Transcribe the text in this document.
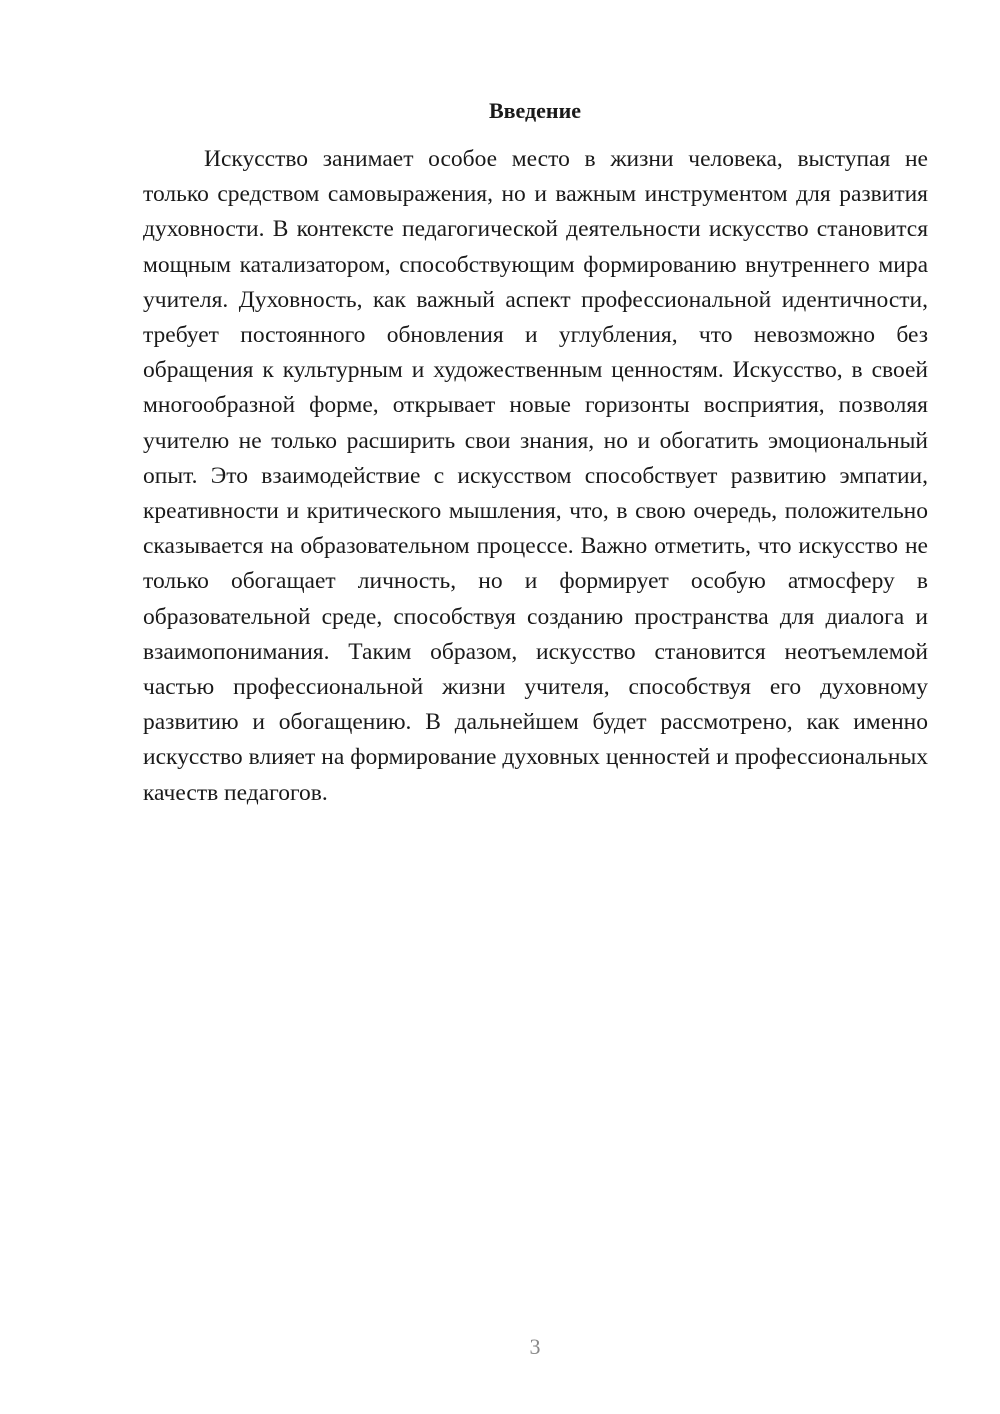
Введение

Искусство занимает особое место в жизни человека, выступая не только средством самовыражения, но и важным инструментом для развития духовности. В контексте педагогической деятельности искусство становится мощным катализатором, способствующим формированию внутреннего мира учителя. Духовность, как важный аспект профессиональной идентичности, требует постоянного обновления и углубления, что невозможно без обращения к культурным и художественным ценностям. Искусство, в своей многообразной форме, открывает новые горизонты восприятия, позволяя учителю не только расширить свои знания, но и обогатить эмоциональный опыт. Это взаимодействие с искусством способствует развитию эмпатии, креативности и критического мышления, что, в свою очередь, положительно сказывается на образовательном процессе. Важно отметить, что искусство не только обогащает личность, но и формирует особую атмосферу в образовательной среде, способствуя созданию пространства для диалога и взаимопонимания. Таким образом, искусство становится неотъемлемой частью профессиональной жизни учителя, способствуя его духовному развитию и обогащению. В дальнейшем будет рассмотрено, как именно искусство влияет на формирование духовных ценностей и профессиональных качеств педагогов.

3
